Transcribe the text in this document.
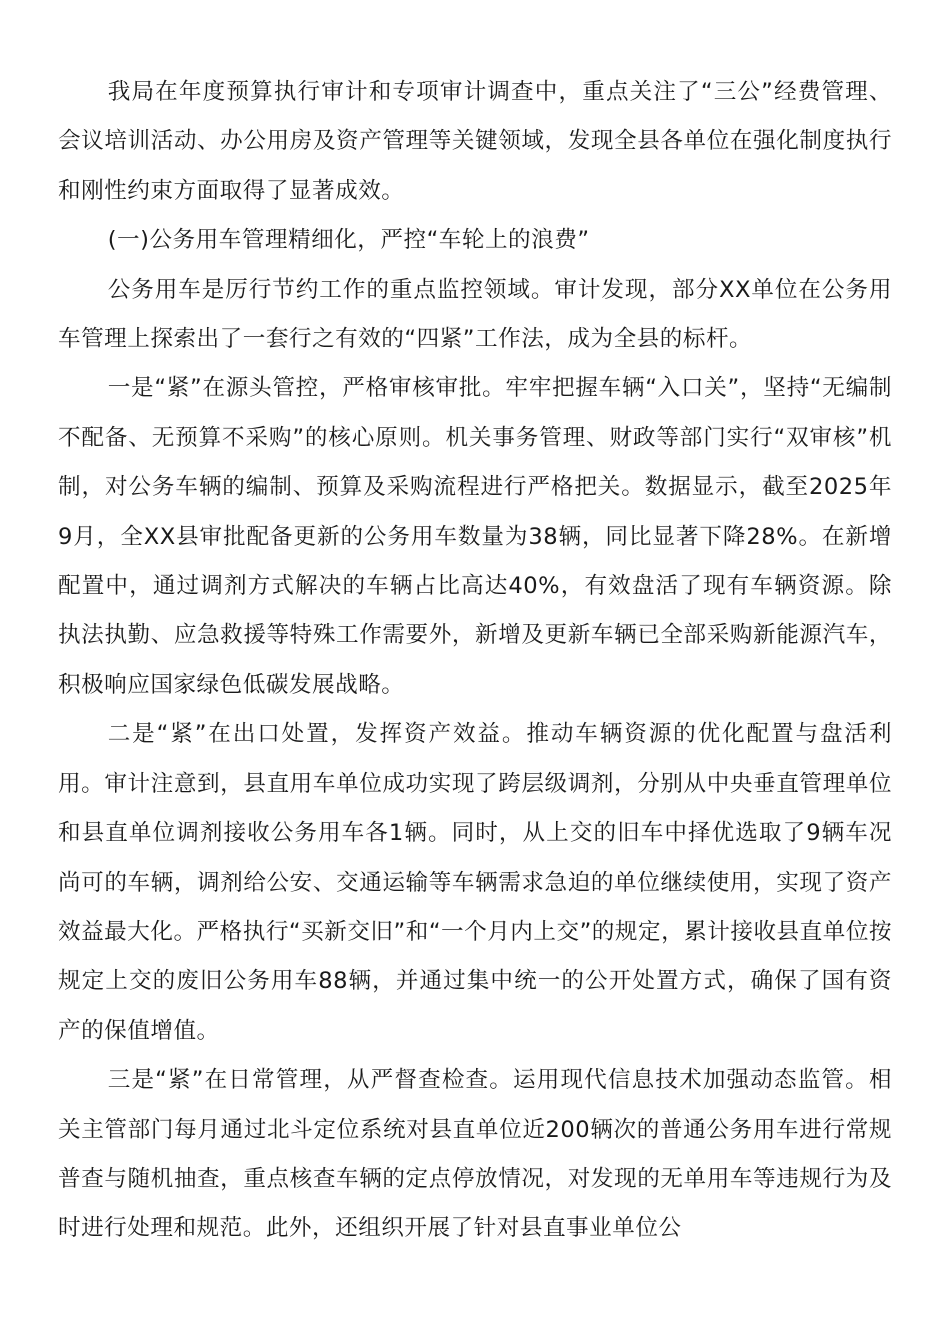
我局在年度预算执行审计和专项审计调查中，重点关注了“三公”经费管理、会议培训活动、办公用房及资产管理等关键领域，发现全县各单位在强化制度执行和刚性约束方面取得了显著成效。

(一)公务用车管理精细化，严控“车轮上的浪费”

公务用车是厉行节约工作的重点监控领域。审计发现，部分XX单位在公务用车管理上探索出了一套行之有效的“四紧”工作法，成为全县的标杆。

一是“紧”在源头管控，严格审核审批。牢牢把握车辆“入口关”，坚持“无编制不配备、无预算不采购”的核心原则。机关事务管理、财政等部门实行“双审核”机制，对公务车辆的编制、预算及采购流程进行严格把关。数据显示，截至2025年9月，全XX县审批配备更新的公务用车数量为38辆，同比显著下降28%。在新增配置中，通过调剂方式解决的车辆占比高达40%，有效盘活了现有车辆资源。除执法执勤、应急救援等特殊工作需要外，新增及更新车辆已全部采购新能源汽车，积极响应国家绿色低碳发展战略。

二是“紧”在出口处置，发挥资产效益。推动车辆资源的优化配置与盘活利用。审计注意到，县直用车单位成功实现了跨层级调剂，分别从中央垂直管理单位和县直单位调剂接收公务用车各1辆。同时，从上交的旧车中择优选取了9辆车况尚可的车辆，调剂给公安、交通运输等车辆需求急迫的单位继续使用，实现了资产效益最大化。严格执行“买新交旧”和“一个月内上交”的规定，累计接收县直单位按规定上交的废旧公务用车88辆，并通过集中统一的公开处置方式，确保了国有资产的保值增值。

三是“紧”在日常管理，从严督查检查。运用现代信息技术加强动态监管。相关主管部门每月通过北斗定位系统对县直单位近200辆次的普通公务用车进行常规普查与随机抽查，重点核查车辆的定点停放情况，对发现的无单用车等违规行为及时进行处理和规范。此外，还组织开展了针对县直事业单位公
